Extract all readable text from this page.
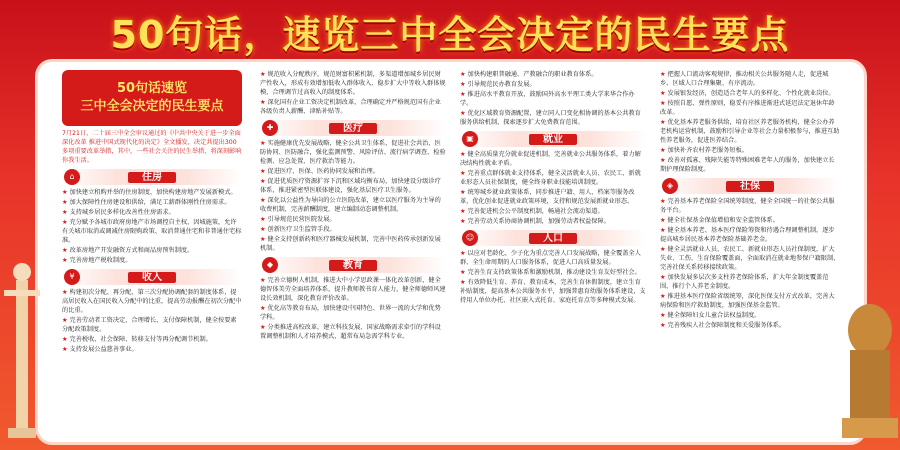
50句话，速览三中全会决定的民生要点
50句话速览
三中全会决定的民生要点
7月21日，二十届三中全会审议通过的《中共中央关于进一步全面深化改革 推进中国式现代化的决定》全文播发，决定共提出300多项重要改革举措，其中，一些社会关注的民生举措，将深刻影响你我生活。
⌂	住房
★ 加快建立租购并举的住房制度，加快构建房地产发展新模式。
★ 加大保障性住房建设和供给，满足工薪群体刚性住房需求。
★ 支持城乡居民多样化改善性住房需求。
★ 充分赋予各城市政府房地产市场调控自主权，因城施策，允许有关城市取消或调减住房限购政策、取消普通住宅和非普通住宅标准。
★ 改革房地产开发融资方式和商品房预售制度。
★ 完善房地产税收制度。
¥	收入
★ 构建初次分配、再分配、第三次分配协调配套的制度体系，提高居民收入在国民收入分配中的比重，提高劳动报酬在初次分配中的比重。
★ 完善劳动者工资决定、合理增长、支付保障机制，健全按要素分配政策制度。
★ 完善税收、社会保障、转移支付等再分配调节机制。
★ 支持发展公益慈善事业。
★ 规范收入分配秩序，规范财富积累机制，多渠道增加城乡居民财产性收入，形成有效增加低收入群体收入、稳步扩大中等收入群体规模、合理调节过高收入的制度体系。
★ 深化国有企业工资决定机制改革，合理确定并严格规范国有企业各级负责人薪酬、津贴补贴等。
✚	医疗
★ 实施健康优先发展战略，健全公共卫生体系，促进社会共治、医防协同、医防融合，强化监测预警、风险评估、流行病学调查、检验检测、应急处置、医疗救治等能力。
★ 促进医疗、医保、医药协同发展和治理。
★ 促进优质医疗资源扩容下沉和区域均衡布局，加快建设分级诊疗体系，推进紧密型医联体建设，强化基层医疗卫生服务。
★ 深化以公益性为导向的公立医院改革，建立以医疗服务为主导的收费机制，完善薪酬制度，建立编制动态调整机制。
★ 引导规范民营医院发展。
★ 创新医疗卫生监管手段。
★ 健全支持创新药和医疗器械发展机制，完善中医药传承创新发展机制。
◆	教育
★ 完善立德树人机制，推进大中小学思政课一体化改革创新，健全德智体美劳全面培养体系，提升教师教书育人能力，健全师德师风建设长效机制，深化教育评价改革。
★ 优化高等教育布局，加快建设中国特色、世界一流的大学和优势学科。
★ 分类推进高校改革，建立科技发展、国家战略需求牵引的学科设置调整机制和人才培养模式，超常布局急需学科专业。
★ 加快构建职普融通、产教融合的职业教育体系。
★ 引导规范民办教育发展。
★ 推进高水平教育开放，鼓励国外高水平理工类大学来华合作办学。
★ 优化区域教育资源配置，建立同人口变化相协调的基本公共教育服务供给机制，探索逐步扩大免费教育范围。
▣	就业
★ 健全高质量充分就业促进机制，完善就业公共服务体系，着力解决结构性就业矛盾。
★ 完善重点群体就业支持体系，健全灵活就业人员、农民工、新就业形态人员社保制度，健全终身职业技能培训制度。
★ 统筹城乡就业政策体系，同步推进户籍、用人、档案等服务改革，优化创业促进就业政策环境，支持和规范发展新就业形态。
★ 完善促进机会公平制度机制，畅通社会流动渠道。
★ 完善劳动关系协商协调机制，加强劳动者权益保障。
☺	人口
★ 以应对老龄化、少子化为重点完善人口发展战略，健全覆盖全人群、全生命周期的人口服务体系，促进人口高质量发展。
★ 完善生育支持政策体系和激励机制，推动建设生育友好型社会。
★ 有效降低生育、养育、教育成本，完善生育休假制度，建立生育补贴制度，提高基本公共服务水平，加强普惠育幼服务体系建设，支持用人单位办托、社区嵌入式托育、家庭托育点等多种模式发展。
★ 把握人口流动客观规律，推动相关公共服务随人走，促进城乡、区域人口合理集聚、有序流动。
★ 发展银发经济，创造适合老年人的多样化、个性化就业岗位。
★ 按照自愿、弹性原则，稳妥有序推进渐进式延迟法定退休年龄改革。
★ 优化基本养老服务供给，培育社区养老服务机构，健全公办养老机构运营机制，鼓励和引导企业等社会力量积极参与，推进互助性养老服务，促进医养结合。
★ 加快补齐农村养老服务短板。
★ 改善对孤寡、残障失能等特殊困难老年人的服务，加快建立长期护理保险制度。
◈	社保
★ 完善基本养老保险全国统筹制度，健全全国统一的社保公共服务平台。
★ 健全社保基金保值增值和安全监管体系。
★ 健全基本养老、基本医疗保险筹资和待遇合理调整机制，逐步提高城乡居民基本养老保险基础养老金。
★ 健全灵活就业人员、农民工、新就业形态人员社保制度，扩大失业、工伤、生育保险覆盖面，全面取消在就业地参保户籍限制，完善社保关系转移接续政策。
★ 加快发展多层次多支柱养老保险体系，扩大年金制度覆盖范围，推行个人养老金制度。
★ 推进基本医疗保险省级统筹，深化医保支付方式改革，完善大病保险和医疗救助制度，加强医保基金监管。
★ 健全保障妇女儿童合法权益制度。
★ 完善残疾人社会保障制度和关爱服务体系。
